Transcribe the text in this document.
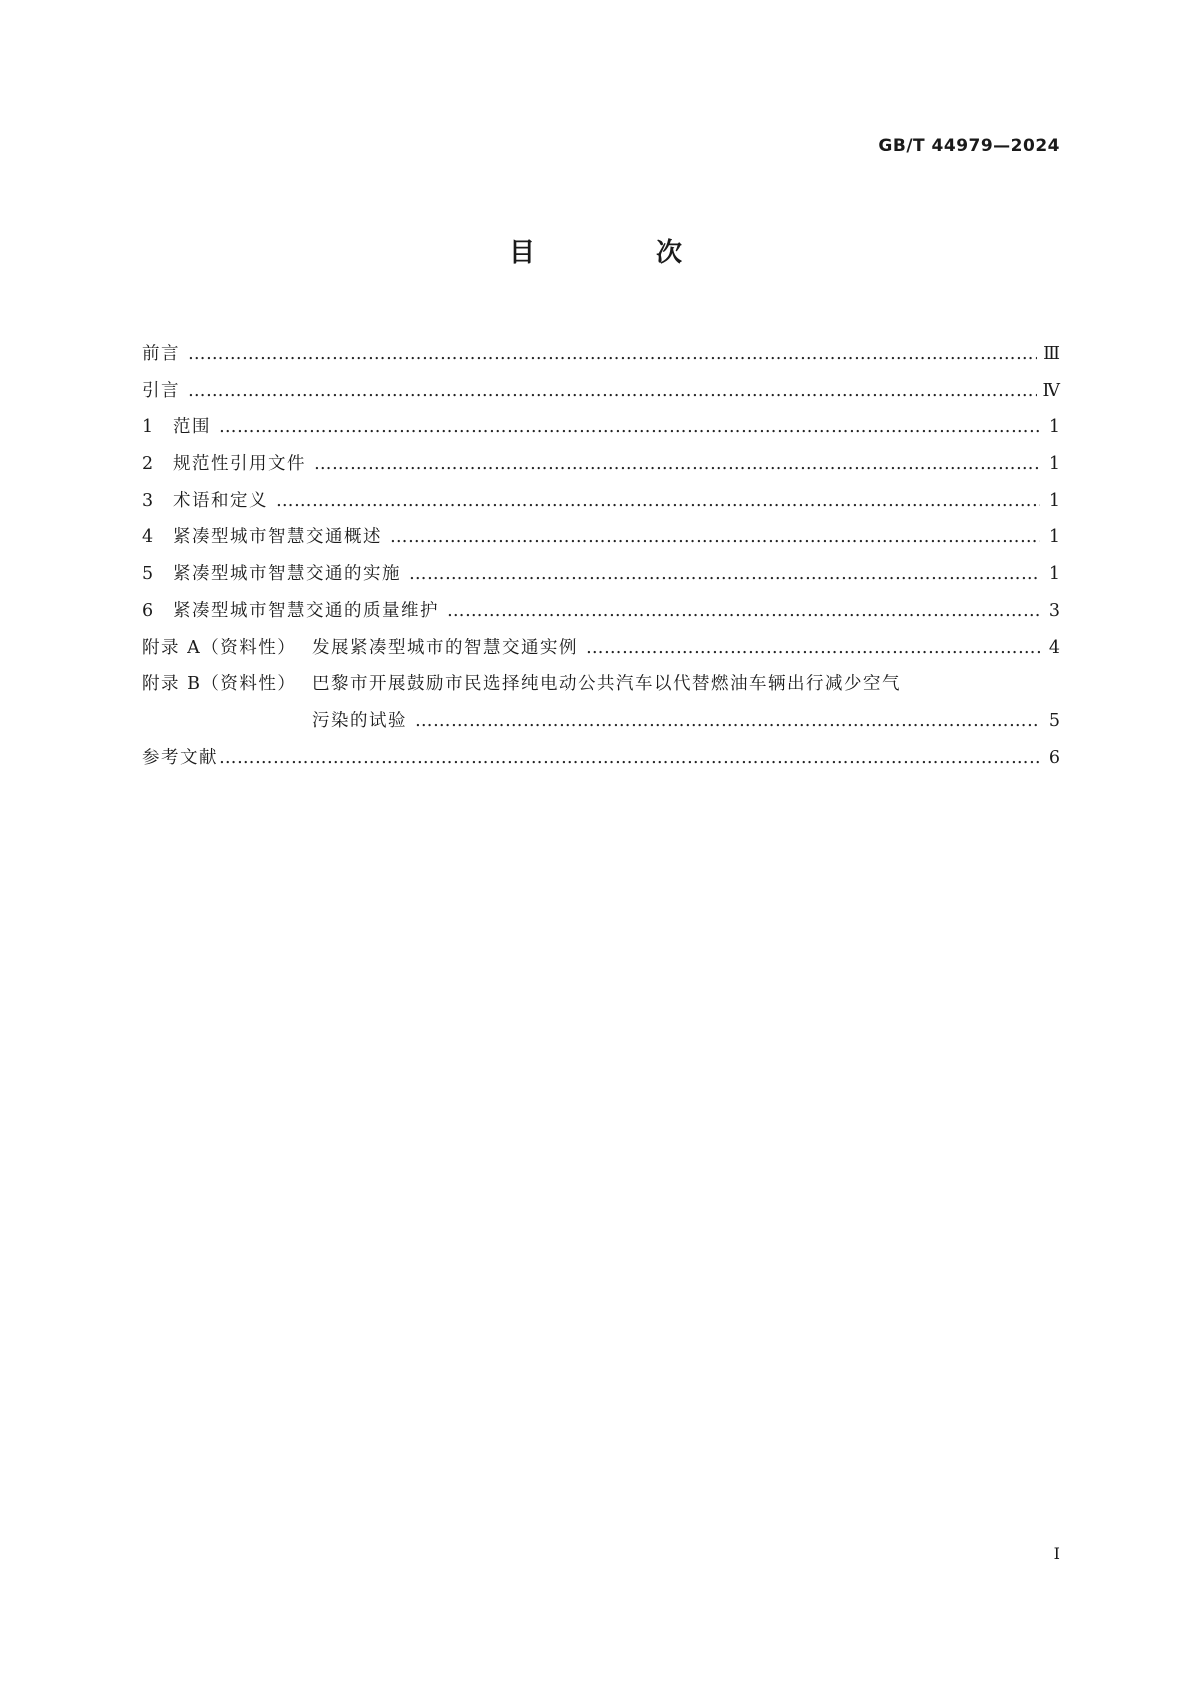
GB/T 44979—2024

目 次
前言 ……………………………………………………………………………………………………………………………………………………………………………………………………………………	Ⅲ
引言 ……………………………………………………………………………………………………………………………………………………………………………………………………………………	Ⅳ
1	范围 ……………………………………………………………………………………………………………………………………………………………………………………………………………………	1
2	规范性引用文件 ……………………………………………………………………………………………………………………………………………………………………………………………………………………	1
3	术语和定义 ……………………………………………………………………………………………………………………………………………………………………………………………………………………	1
4	紧凑型城市智慧交通概述 ……………………………………………………………………………………………………………………………………………………………………………………………………………………	1
5	紧凑型城市智慧交通的实施 ……………………………………………………………………………………………………………………………………………………………………………………………………………………	1
6	紧凑型城市智慧交通的质量维护 ……………………………………………………………………………………………………………………………………………………………………………………………………………………	3
附录 A（资料性） 发展紧凑型城市的智慧交通实例 ……………………………………………………………………………………………………………………………………………………………………………………………………………………	4
附录 B（资料性） 巴黎市开展鼓励市民选择纯电动公共汽车以代替燃油车辆出行减少空气
污染的试验 ……………………………………………………………………………………………………………………………………………………………………………………………………………………	5
参考文献 ……………………………………………………………………………………………………………………………………………………………………………………………………………………	6

I
